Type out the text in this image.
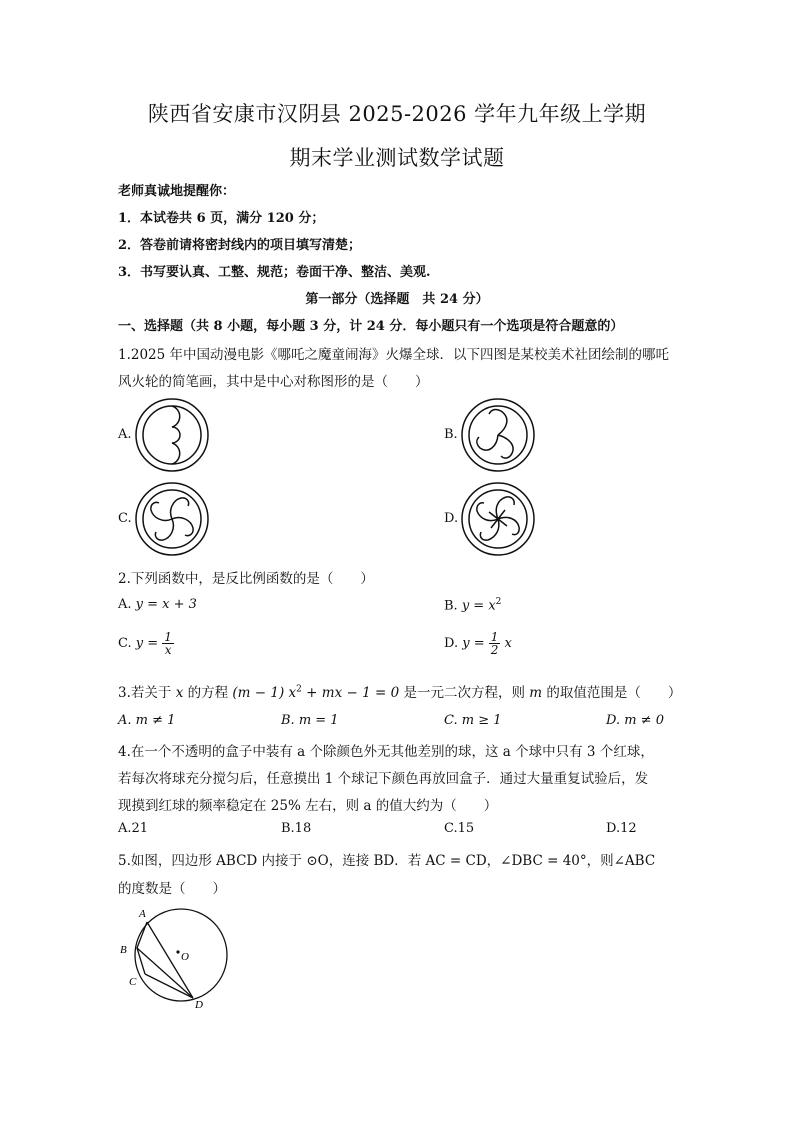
陕西省安康市汉阴县 2025-2026 学年九年级上学期
期末学业测试数学试题
老师真诚地提醒你：
1．本试卷共 6 页，满分 120 分；
2．答卷前请将密封线内的项目填写清楚；
3．书写要认真、工整、规范；卷面干净、整洁、美观.
第一部分（选择题　共 24 分）
一、选择题（共 8 小题，每小题 3 分，计 24 分．每小题只有一个选项是符合题意的）
1.2025 年中国动漫电影《哪吒之魔童闹海》火爆全球．以下四图是某校美术社团绘制的哪吒
风火轮的简笔画，其中是中心对称图形的是（　　）
A.	B.
C.	D.
2.下列函数中，是反比例函数的是（　　）
A. y = x + 3	B. $y = x^2$
C. $y = \frac{1}{x}$	D. $y = \frac{1}{2}$ x
3.若关于 x 的方程 (m − 1) $x^2$ + mx − 1 = 0 是一元二次方程，则 m 的取值范围是（　　）
A. m ≠ 1	B. m = 1	C. m ≥ 1	D. m ≠ 0
4.在一个不透明的盒子中装有 a 个除颜色外无其他差别的球，这 a 个球中只有 3 个红球，
若每次将球充分搅匀后，任意摸出 1 个球记下颜色再放回盒子．通过大量重复试验后，发
现摸到红球的频率稳定在 25% 左右，则 a 的值大约为（　　）
A.21	B.18	C.15	D.12
5.如图，四边形 ABCD 内接于 ⊙O，连接 BD．若 AC = CD，∠DBC = 40°，则∠ABC
的度数是（　　）
A
B
C
D
O
